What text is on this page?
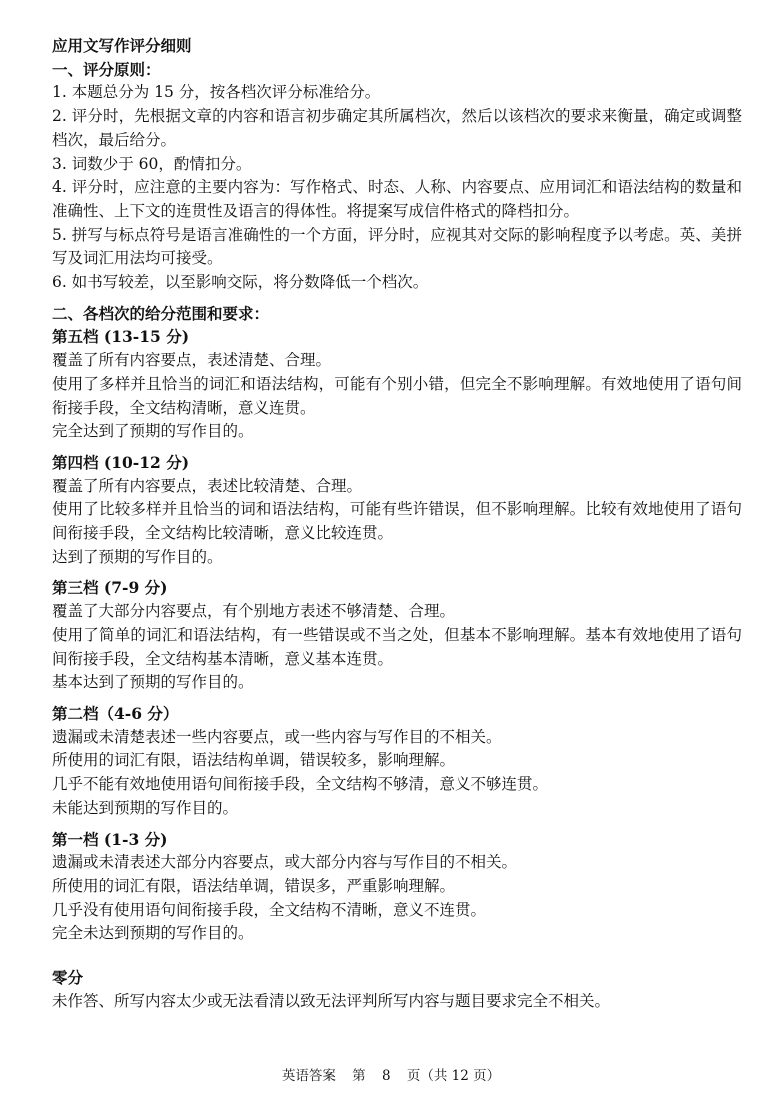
应用文写作评分细则
一、评分原则：
1. 本题总分为 15 分，按各档次评分标准给分。
2. 评分时，先根据文章的内容和语言初步确定其所属档次，然后以该档次的要求来衡量，确定或调整档次，最后给分。
3. 词数少于 60，酌情扣分。
4. 评分时，应注意的主要内容为：写作格式、时态、人称、内容要点、应用词汇和语法结构的数量和准确性、上下文的连贯性及语言的得体性。将提案写成信件格式的降档扣分。
5. 拼写与标点符号是语言准确性的一个方面，评分时，应视其对交际的影响程度予以考虑。英、美拼写及词汇用法均可接受。
6. 如书写较差，以至影响交际，将分数降低一个档次。
二、各档次的给分范围和要求：
第五档 (13-15 分)
覆盖了所有内容要点，表述清楚、合理。
使用了多样并且恰当的词汇和语法结构，可能有个别小错，但完全不影响理解。有效地使用了语句间衔接手段，全文结构清晰，意义连贯。
完全达到了预期的写作目的。
第四档 (10-12 分)
覆盖了所有内容要点，表述比较清楚、合理。
使用了比较多样并且恰当的词和语法结构，可能有些许错误，但不影响理解。比较有效地使用了语句间衔接手段，全文结构比较清晰，意义比较连贯。
达到了预期的写作目的。
第三档 (7-9 分)
覆盖了大部分内容要点，有个别地方表述不够清楚、合理。
使用了简单的词汇和语法结构，有一些错误或不当之处，但基本不影响理解。基本有效地使用了语句间衔接手段，全文结构基本清晰，意义基本连贯。
基本达到了预期的写作目的。
第二档（4-6 分）
遗漏或未清楚表述一些内容要点，或一些内容与写作目的不相关。
所使用的词汇有限，语法结构单调，错误较多，影响理解。
几乎不能有效地使用语句间衔接手段，全文结构不够清，意义不够连贯。
未能达到预期的写作目的。
第一档 (1-3 分)
遗漏或未清表述大部分内容要点，或大部分内容与写作目的不相关。
所使用的词汇有限，语法结单调，错误多，严重影响理解。
几乎没有使用语句间衔接手段，全文结构不清晰，意义不连贯。
完全未达到预期的写作目的。
零分
未作答、所写内容太少或无法看清以致无法评判所写内容与题目要求完全不相关。
英语答案 第 8 页（共 12 页）
